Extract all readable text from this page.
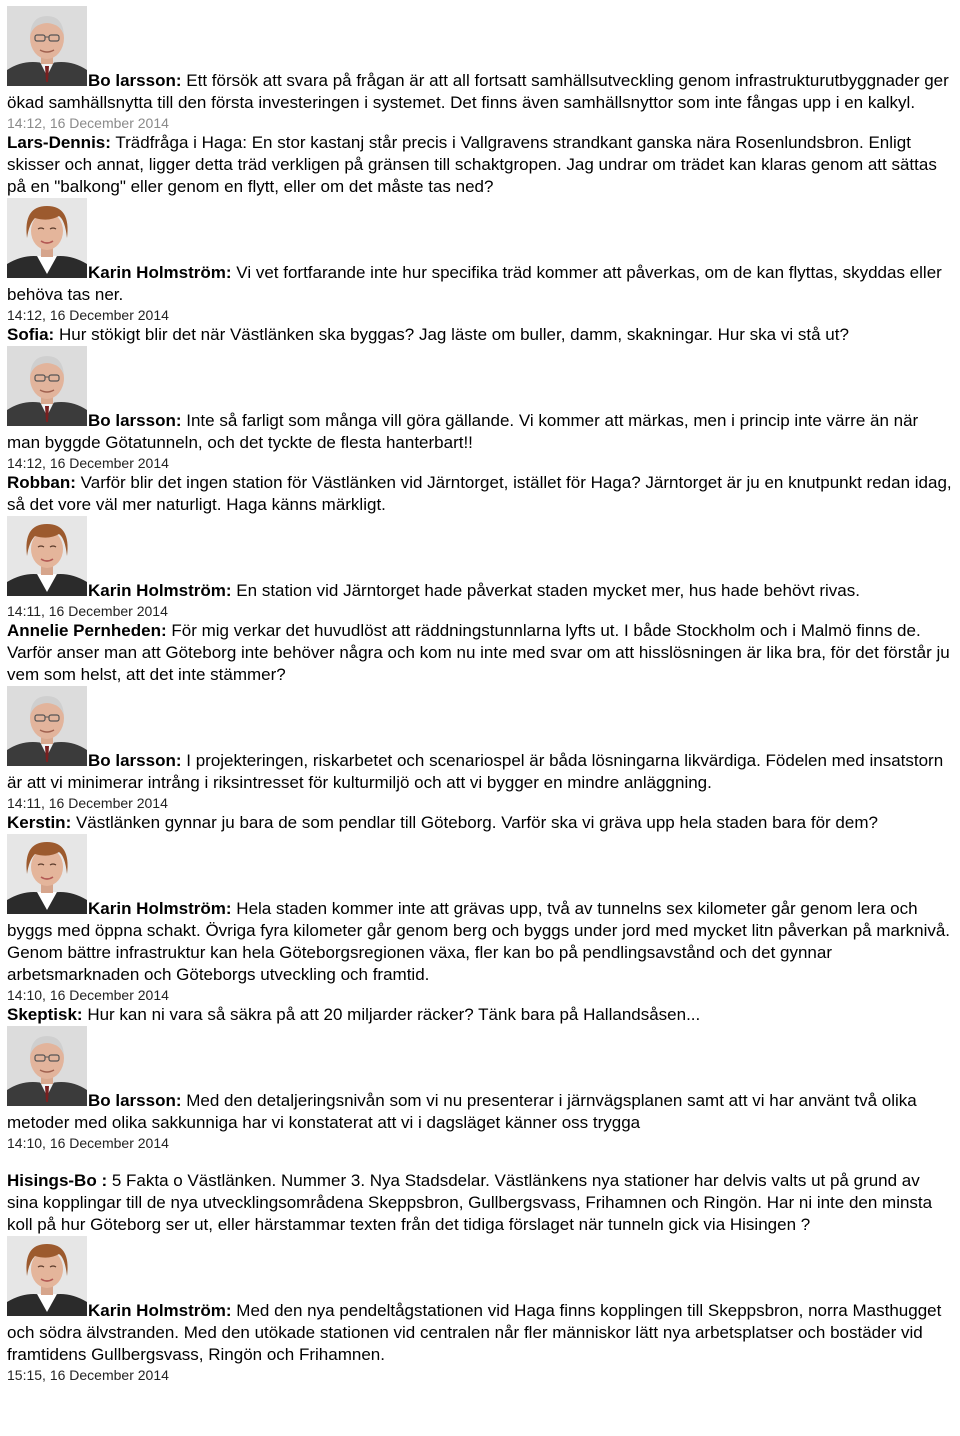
Bo larsson: Ett försök att svara på frågan är att all fortsatt samhällsutveckling genom infrastrukturutbyggnader ger ökad samhällsnytta till den första investeringen i systemet. Det finns även samhällsnyttor som inte fångas upp i en kalkyl.

14:12, 16 December 2014

Lars-Dennis: Trädfråga i Haga: En stor kastanj står precis i Vallgravens strandkant ganska nära Rosenlundsbron. Enligt skisser och annat, ligger detta träd verkligen på gränsen till schaktgropen. Jag undrar om trädet kan klaras genom att sättas på en "balkong" eller genom en flytt, eller om det måste tas ned?

Karin Holmström: Vi vet fortfarande inte hur specifika träd kommer att påverkas, om de kan flyttas, skyddas eller behöva tas ner.

14:12, 16 December 2014

Sofia: Hur stökigt blir det när Västlänken ska byggas? Jag läste om buller, damm, skakningar. Hur ska vi stå ut?

Bo larsson: Inte så farligt som många vill göra gällande. Vi kommer att märkas, men i princip inte värre än när man byggde Götatunneln, och det tyckte de flesta hanterbart!!

14:12, 16 December 2014

Robban: Varför blir det ingen station för Västlänken vid Järntorget, istället för Haga? Järntorget är ju en knutpunkt redan idag, så det vore väl mer naturligt. Haga känns märkligt.

Karin Holmström: En station vid Järntorget hade påverkat staden mycket mer, hus hade behövt rivas.

14:11, 16 December 2014

Annelie Pernheden: För mig verkar det huvudlöst att räddningstunnlarna lyfts ut. I både Stockholm och i Malmö finns de. Varför anser man att Göteborg inte behöver några och kom nu inte med svar om att hisslösningen är lika bra, för det förstår ju vem som helst, att det inte stämmer?

Bo larsson: I projekteringen, riskarbetet och scenariospel är båda lösningarna likvärdiga. Födelen med insatstorn är att vi minimerar intrång i riksintresset för kulturmiljö och att vi bygger en mindre anläggning.

14:11, 16 December 2014

Kerstin: Västlänken gynnar ju bara de som pendlar till Göteborg. Varför ska vi gräva upp hela staden bara för dem?

Karin Holmström: Hela staden kommer inte att grävas upp, två av tunnelns sex kilometer går genom lera och byggs med öppna schakt. Övriga fyra kilometer går genom berg och byggs under jord med mycket litn påverkan på marknivå. Genom bättre infrastruktur kan hela Göteborgsregionen växa, fler kan bo på pendlingsavstånd och det gynnar arbetsmarknaden och Göteborgs utveckling och framtid.

14:10, 16 December 2014

Skeptisk: Hur kan ni vara så säkra på att 20 miljarder räcker? Tänk bara på Hallandsåsen...

Bo larsson: Med den detaljeringsnivån som vi nu presenterar i järnvägsplanen samt att vi har använt två olika metoder med olika sakkunniga har vi konstaterat att vi i dagsläget känner oss trygga

14:10, 16 December 2014

Hisings-Bo : 5 Fakta o Västlänken. Nummer 3. Nya Stadsdelar. Västlänkens nya stationer har delvis valts ut på grund av sina kopplingar till de nya utvecklingsområdena Skeppsbron, Gullbergsvass, Frihamnen och Ringön. Har ni inte den minsta koll på hur Göteborg ser ut, eller härstammar texten från det tidiga förslaget när tunneln gick via Hisingen ?

Karin Holmström: Med den nya pendeltågstationen vid Haga finns kopplingen till Skeppsbron, norra Masthugget och södra älvstranden. Med den utökade stationen vid centralen når fler människor lätt nya arbetsplatser och bostäder vid framtidens Gullbergsvass, Ringön och Frihamnen.

15:15, 16 December 2014
